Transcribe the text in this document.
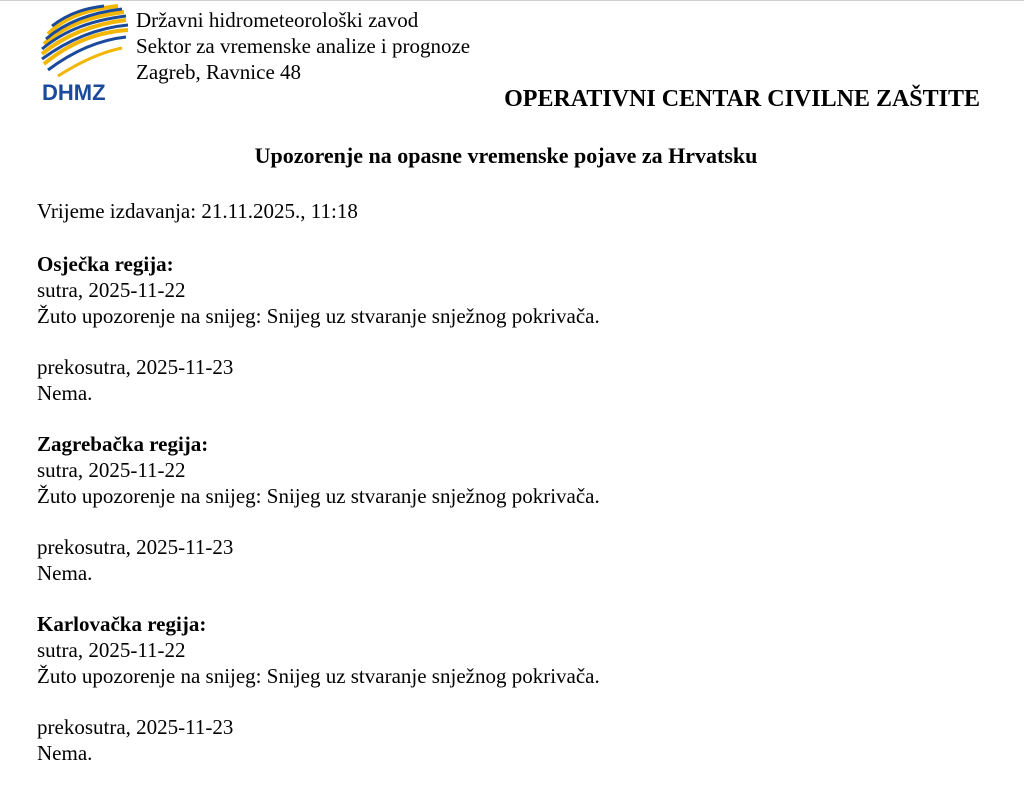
DHMZ
Državni hidrometeorološki zavod
Sektor za vremenske analize i prognoze
Zagreb, Ravnice 48
OPERATIVNI CENTAR CIVILNE ZAŠTITE
Upozorenje na opasne vremenske pojave za Hrvatsku
Vrijeme izdavanja: 21.11.2025., 11:18
Osječka regija:
sutra, 2025-11-22
Žuto upozorenje na snijeg: Snijeg uz stvaranje snježnog pokrivača.
prekosutra, 2025-11-23
Nema.
Zagrebačka regija:
sutra, 2025-11-22
Žuto upozorenje na snijeg: Snijeg uz stvaranje snježnog pokrivača.
prekosutra, 2025-11-23
Nema.
Karlovačka regija:
sutra, 2025-11-22
Žuto upozorenje na snijeg: Snijeg uz stvaranje snježnog pokrivača.
prekosutra, 2025-11-23
Nema.
